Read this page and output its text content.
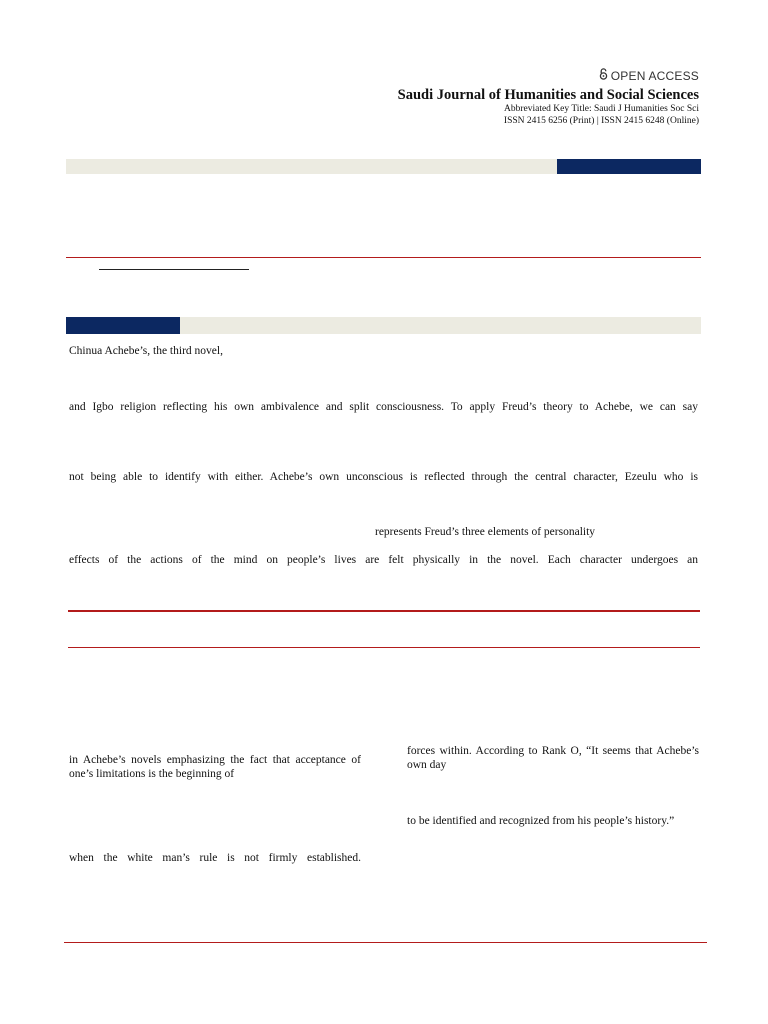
OPEN ACCESS
Saudi Journal of Humanities and Social Sciences
Abbreviated Key Title: Saudi J Humanities Soc Sci
ISSN 2415 6256 (Print) | ISSN 2415 6248 (Online)
Chinua Achebe’s, the third novel,
and Igbo religion reflecting his own ambivalence and split consciousness. To apply Freud’s theory to Achebe, we can say
not being able to identify with either. Achebe’s own unconscious is reflected through the central character, Ezeulu who is
represents Freud’s three elements of personality
effects of the actions of the mind on people’s lives are felt physically in the novel. Each character undergoes an
in Achebe’s novels emphasizing the fact that acceptance of one’s limitations is the beginning of
when the white man’s rule is not firmly established.
forces within. According to Rank O, “It seems that Achebe’s own day
to be identified and recognized from his people’s history.”
